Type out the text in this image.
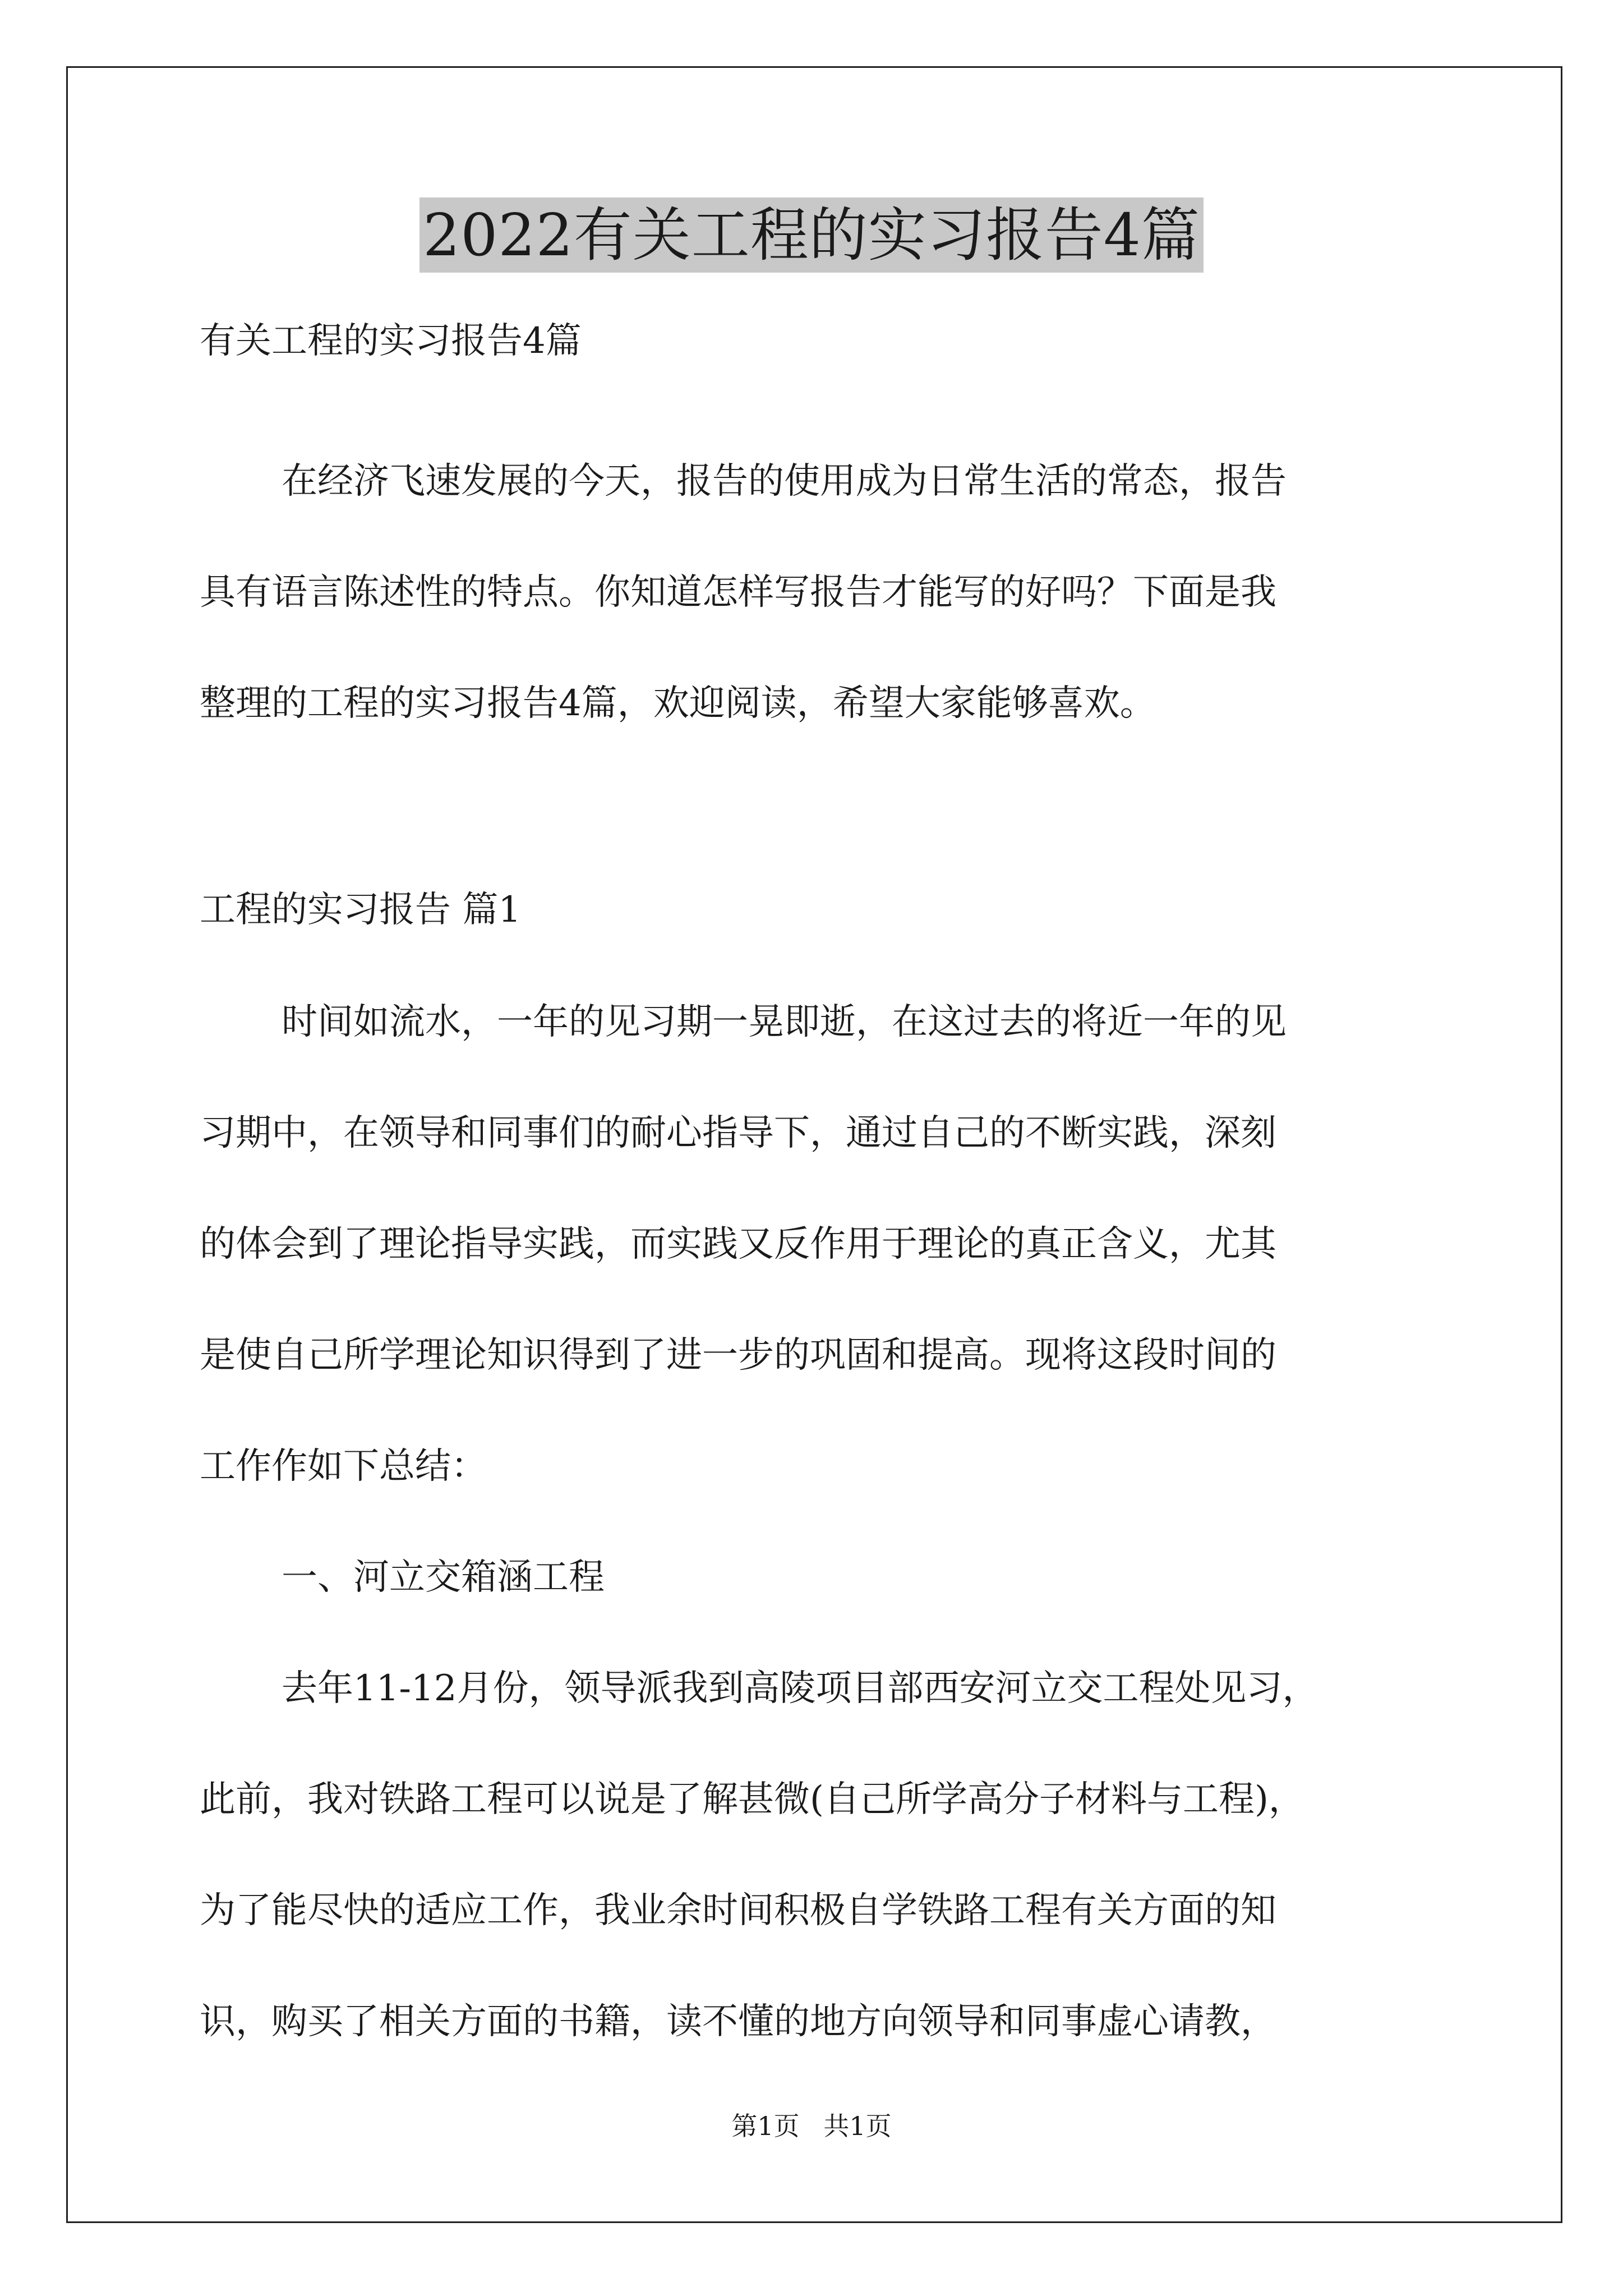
2022有关工程的实习报告4篇
有关工程的实习报告4篇
在经济飞速发展的今天，报告的使用成为日常生活的常态，报告
具有语言陈述性的特点。你知道怎样写报告才能写的好吗？下面是我
整理的工程的实习报告4篇，欢迎阅读，希望大家能够喜欢。
工程的实习报告 篇1
时间如流水，一年的见习期一晃即逝，在这过去的将近一年的见
习期中，在领导和同事们的耐心指导下，通过自己的不断实践，深刻
的体会到了理论指导实践，而实践又反作用于理论的真正含义，尤其
是使自己所学理论知识得到了进一步的巩固和提高。现将这段时间的
工作作如下总结：
一、河立交箱涵工程
去年11-12月份，领导派我到高陵项目部西安河立交工程处见习，
此前，我对铁路工程可以说是了解甚微(自己所学高分子材料与工程)，
为了能尽快的适应工作，我业余时间积极自学铁路工程有关方面的知
识，购买了相关方面的书籍，读不懂的地方向领导和同事虚心请教，
第1页 共1页
